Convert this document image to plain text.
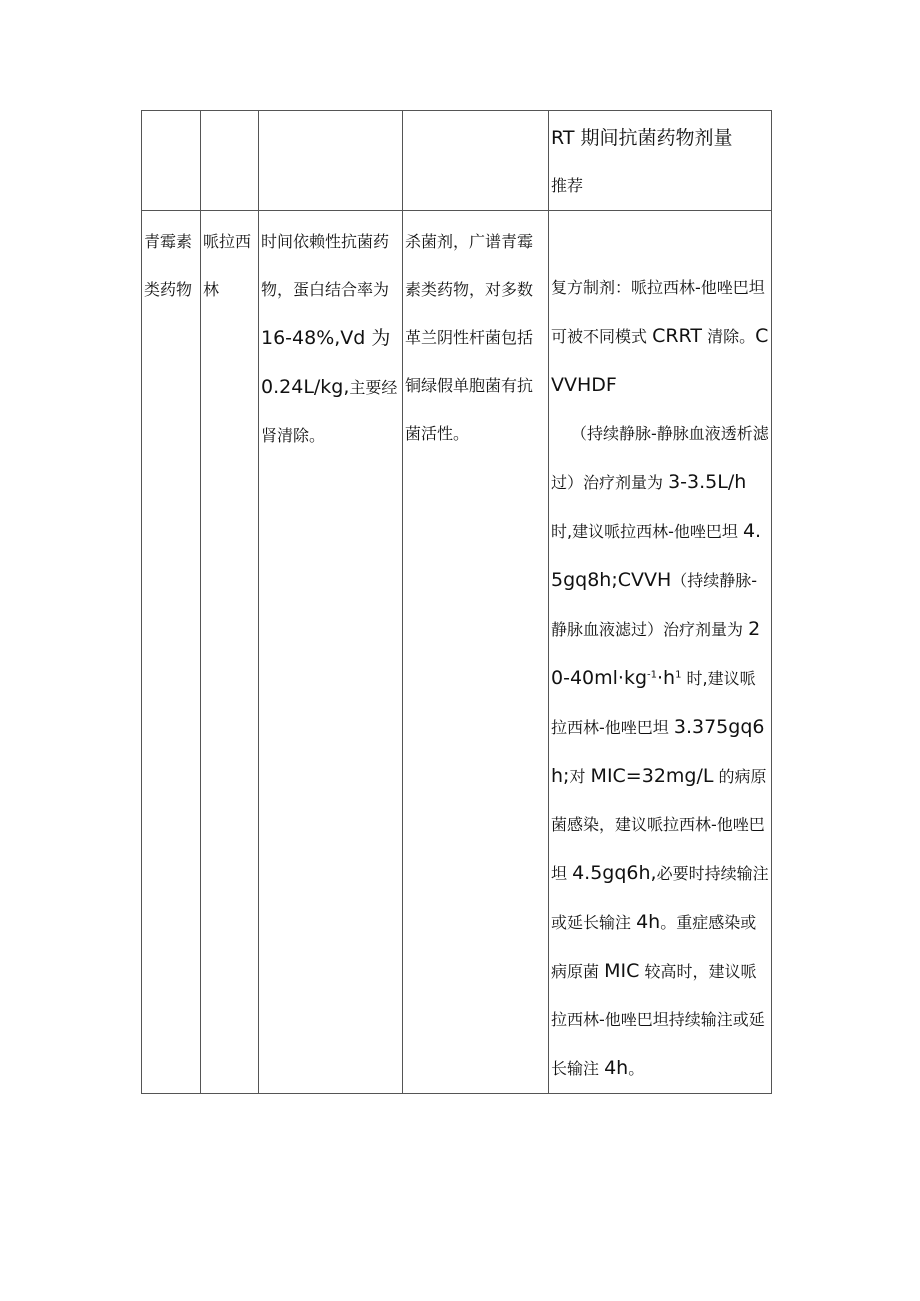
				RT 期间抗菌药物剂量
推荐

青霉素类药物	哌拉西林	时间依赖性抗菌药物，蛋白结合率为16-48%,Vd 为 0.24L/kg,主要经肾清除。	杀菌剂，广谱青霉素类药物，对多数革兰阴性杆菌包括铜绿假单胞菌有抗菌活性。	复方制剂：哌拉西林-他唑巴坦可被不同模式 CRRT 清除。CVVHDF
（持续静脉-静脉血液透析滤过）治疗剂量为 3-3.5L/h 时,建议哌拉西林-他唑巴坦 4.5gq8h;CVVH（持续静脉-静脉血液滤过）治疗剂量为 $20-40ml\cdot kg^{-1}\cdot h^1$ 时,建议哌拉西林-他唑巴坦 3.375gq6h;对 MIC=32mg/L 的病原菌感染，建议哌拉西林-他唑巴坦 4.5gq6h,必要时持续输注或延长输注 4h。重症感染或病原菌 MIC 较高时，建议哌拉西林-他唑巴坦持续输注或延长输注 4h。
